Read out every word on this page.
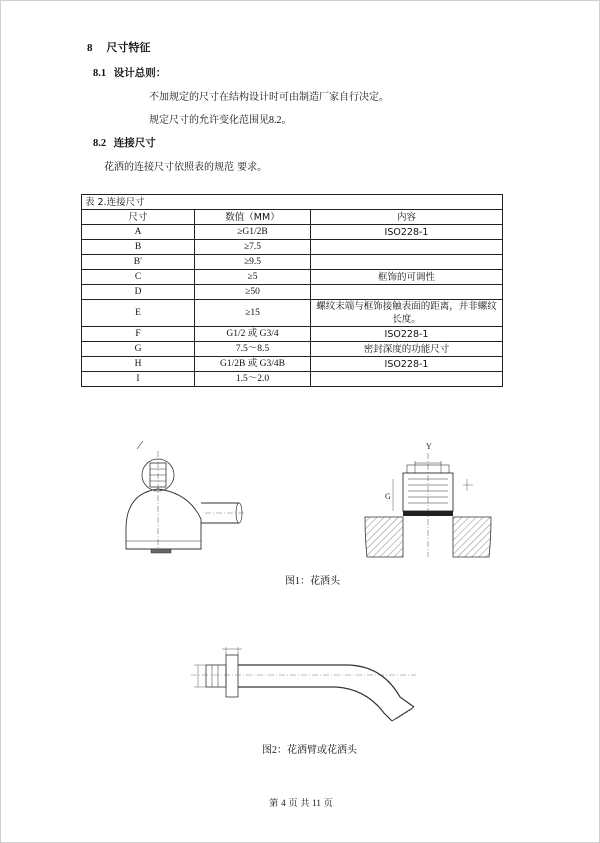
8 尺寸特征
8.1 设计总则：
不加规定的尺寸在结构设计时可由制造厂家自行决定。
规定尺寸的允许变化范围见8.2。
8.2 连接尺寸
花洒的连接尺寸依照表的规范 要求。
表 2.连接尺寸		
尺寸	数值（MM）	内容
A	≥G1/2B	ISO228-1
B	≥7.5	
B′	≥9.5	
C	≥5	框饰的可调性
D	≥50	
E	≥15	螺纹末端与框饰接触表面的距离，并非螺纹长度。
F	G1/2 或 G3/4	ISO228-1
G	7.5～8.5	密封深度的功能尺寸
H	G1/2B 或 G3/4B	ISO228-1
I	1.5～2.0	
Y
G
图1：花洒头
图2：花洒臂或花洒头
第 4 页 共 11 页
